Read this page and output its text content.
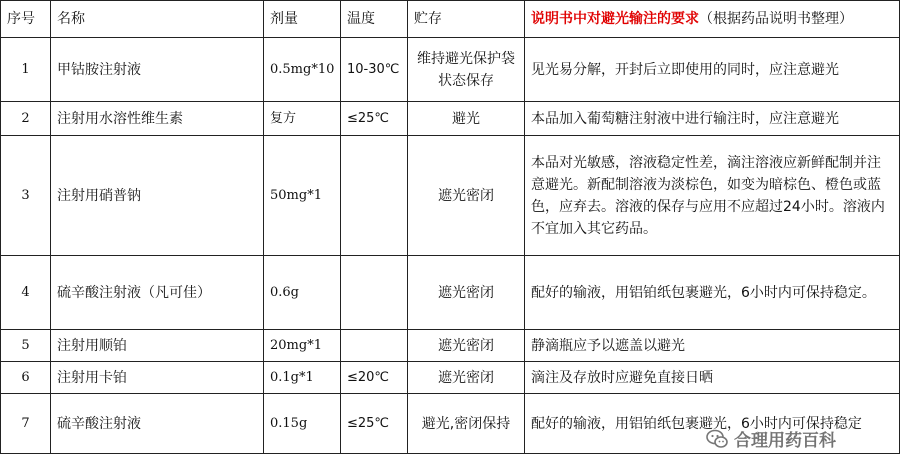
序号	名称	剂量	温度	贮存	说明书中对避光输注的要求（根据药品说明书整理）
1	甲钴胺注射液	0.5mg*10	10-30℃	维持避光保护袋状态保存	见光易分解，开封后立即使用的同时，应注意避光
2	注射用水溶性维生素	复方	≤25℃	避光	本品加入葡萄糖注射液中进行输注时，应注意避光
3	注射用硝普钠	50mg*1		遮光密闭	本品对光敏感，溶液稳定性差，滴注溶液应新鲜配制并注意避光。新配制溶液为淡棕色，如变为暗棕色、橙色或蓝色，应弃去。溶液的保存与应用不应超过24小时。溶液内不宜加入其它药品。
4	硫辛酸注射液（凡可佳）	0.6g		遮光密闭	配好的输液，用铝铂纸包裹避光，6小时内可保持稳定。
5	注射用顺铂	20mg*1		遮光密闭	静滴瓶应予以遮盖以避光
6	注射用卡铂	0.1g*1	≤20℃	遮光密闭	滴注及存放时应避免直接日晒
7	硫辛酸注射液	0.15g	≤25℃	避光,密闭保持	配好的输液，用铝铂纸包裹避光，6小时内可保持稳定
合理用药百科
